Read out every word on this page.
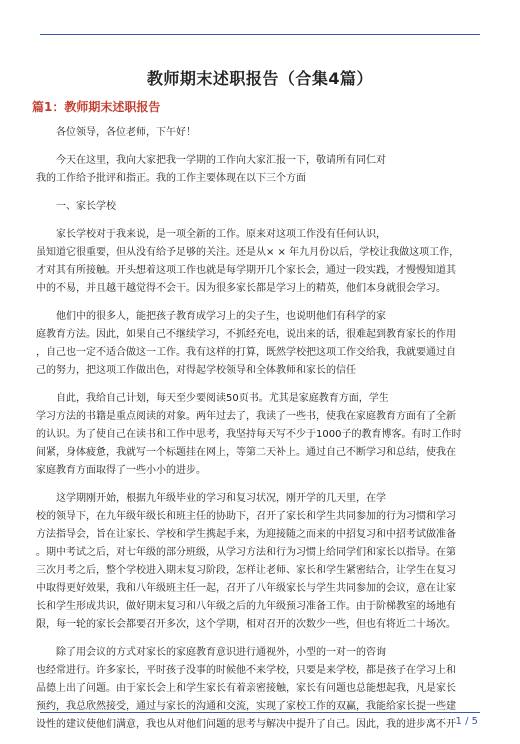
教师期末述职报告（合集4篇）
篇1：教师期末述职报告
各位领导，各位老师，下午好！
今天在这里，我向大家把我一学期的工作向大家汇报一下，敬请所有同仁对
我的工作给予批评和指正。我的工作主要体现在以下三个方面
一、家长学校
家长学校对于我来说，是一项全新的工作。原来对这项工作没有任何认识，
虽知道它很重要，但从没有给予足够的关注。还是从× × 年九月份以后，学校让我做这项工作，
才对其有所接触。开头想着这项工作也就是每学期开几个家长会，通过一段实践，才慢慢知道其
中的不易，并且越干越觉得不会干。因为很多家长都是学习上的精英，他们本身就很会学习。
他们中的很多人，能把孩子教育成学习上的尖子生，也说明他们有科学的家
庭教育方法。因此，如果自己不继续学习，不抓经充电，说出来的话，很难起到教育家长的作用
，自己也一定不适合做这一工作。我有这样的打算，既然学校把这项工作交给我，我就要通过自
己的努力，把这项工作做出色，对得起学校领导和全体教师和家长的信任
自此，我给自己计划，每天至少要阅读50页书。尤其是家庭教育方面，学生
学习方法的书籍是重点阅读的对象。两年过去了，我读了一些书，使我在家庭教育方面有了全新
的认识。为了使自己在读书和工作中思考，我坚持每天写不少于1000子的教育博客。有时工作时
间紧，身体疲惫，我就写一个标题挂在网上，等第二天补上。通过自己不断学习和总结，使我在
家庭教育方面取得了一些小小的进步。
这学期刚开始，根据九年级毕业的学习和复习状况，刚开学的几天里，在学
校的领导下，在九年级年级长和班主任的协助下，召开了家长和学生共同参加的行为习惯和学习
方法指导会，旨在让家长、学校和学生携起手来，为迎接随之而来的中招复习和中招考试做准备
。期中考试之后，对七年级的部分班级，从学习方法和行为习惯上给同学们和家长以指导。在第
三次月考之后，整个学校进入期末复习阶段，怎样让老师、家长和学生紧密结合，让学生在复习
中取得更好效果，我和八年级班主任一起，召开了八年级家长与学生共同参加的会议，意在让家
长和学生形成共识，做好期末复习和八年级之后的九年级预习准备工作。由于阶梯教室的场地有
限，每一轮的家长会都要召开多次，这个学期，相对召开的次数少一些，但也有将近二十场次。
除了用会议的方式对家长的家庭教育意识进行通视外，小型的一对一的咨询
也经常进行。许多家长，平时孩子没事的时候他不来学校，只要是来学校，都是孩子在学习上和
品德上出了问题。由于家长会上和学生家长有着亲密接触，家长有问题也总能想起我，凡是家长
预约，我总欣然接受，通过与家长的沟通和交流，实现了家校工作的双赢，我能给家长提一些建
设性的建议使他们满意，我也从对他们问题的思考与解决中提升了自己。因此，我的进步离不开 1 / 5
